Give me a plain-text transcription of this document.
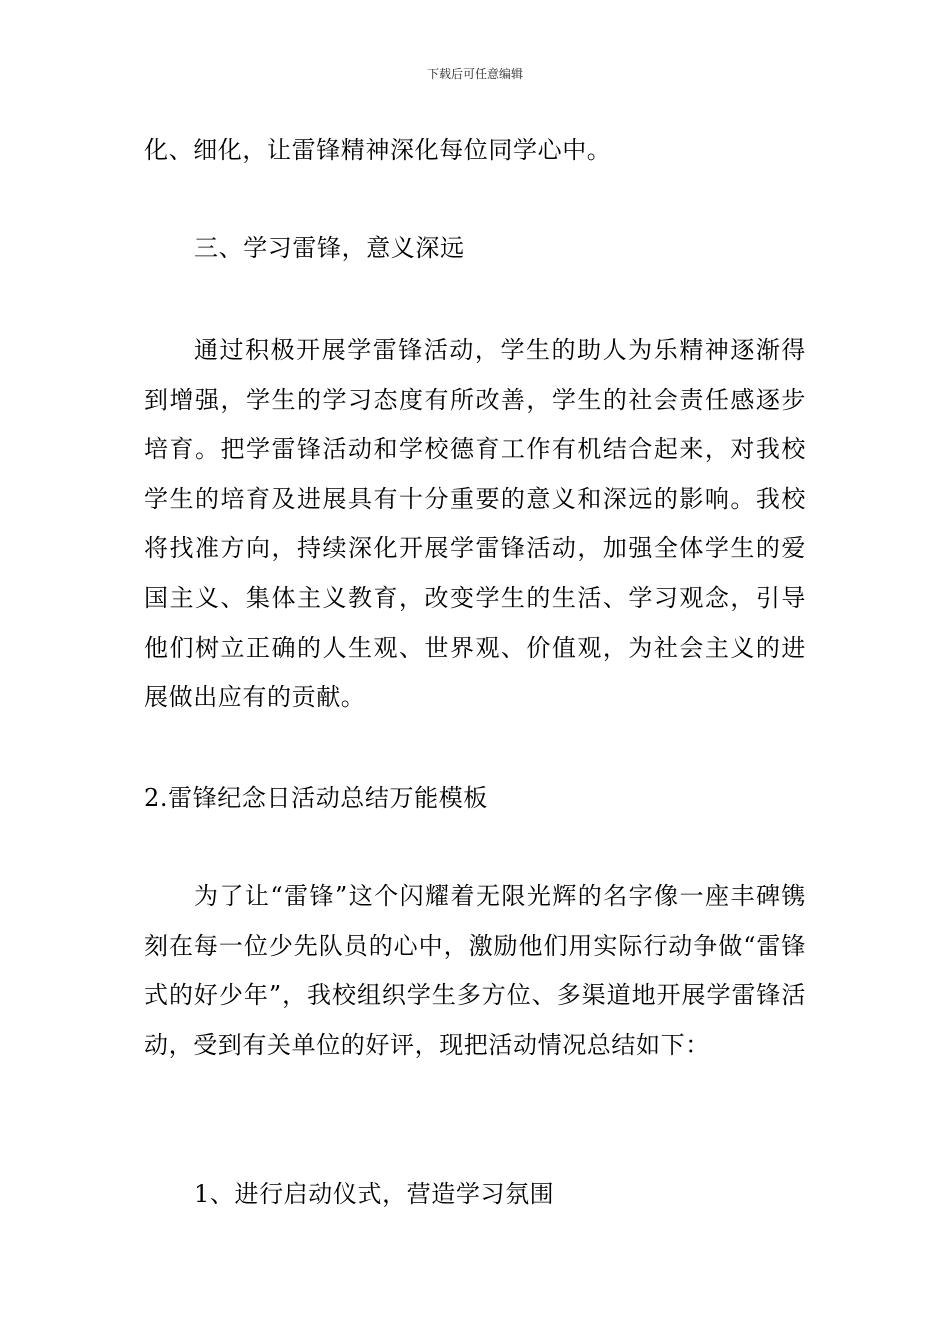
下载后可任意编辑

化、细化，让雷锋精神深化每位同学心中。

三、学习雷锋，意义深远

通过积极开展学雷锋活动，学生的助人为乐精神逐渐得到增强，学生的学习态度有所改善，学生的社会责任感逐步培育。把学雷锋活动和学校德育工作有机结合起来，对我校学生的培育及进展具有十分重要的意义和深远的影响。我校将找准方向，持续深化开展学雷锋活动，加强全体学生的爱国主义、集体主义教育，改变学生的生活、学习观念，引导他们树立正确的人生观、世界观、价值观，为社会主义的进展做出应有的贡献。

2.雷锋纪念日活动总结万能模板

为了让“雷锋”这个闪耀着无限光辉的名字像一座丰碑镌刻在每一位少先队员的心中，激励他们用实际行动争做“雷锋式的好少年”，我校组织学生多方位、多渠道地开展学雷锋活动，受到有关单位的好评，现把活动情况总结如下：

1、进行启动仪式，营造学习氛围
